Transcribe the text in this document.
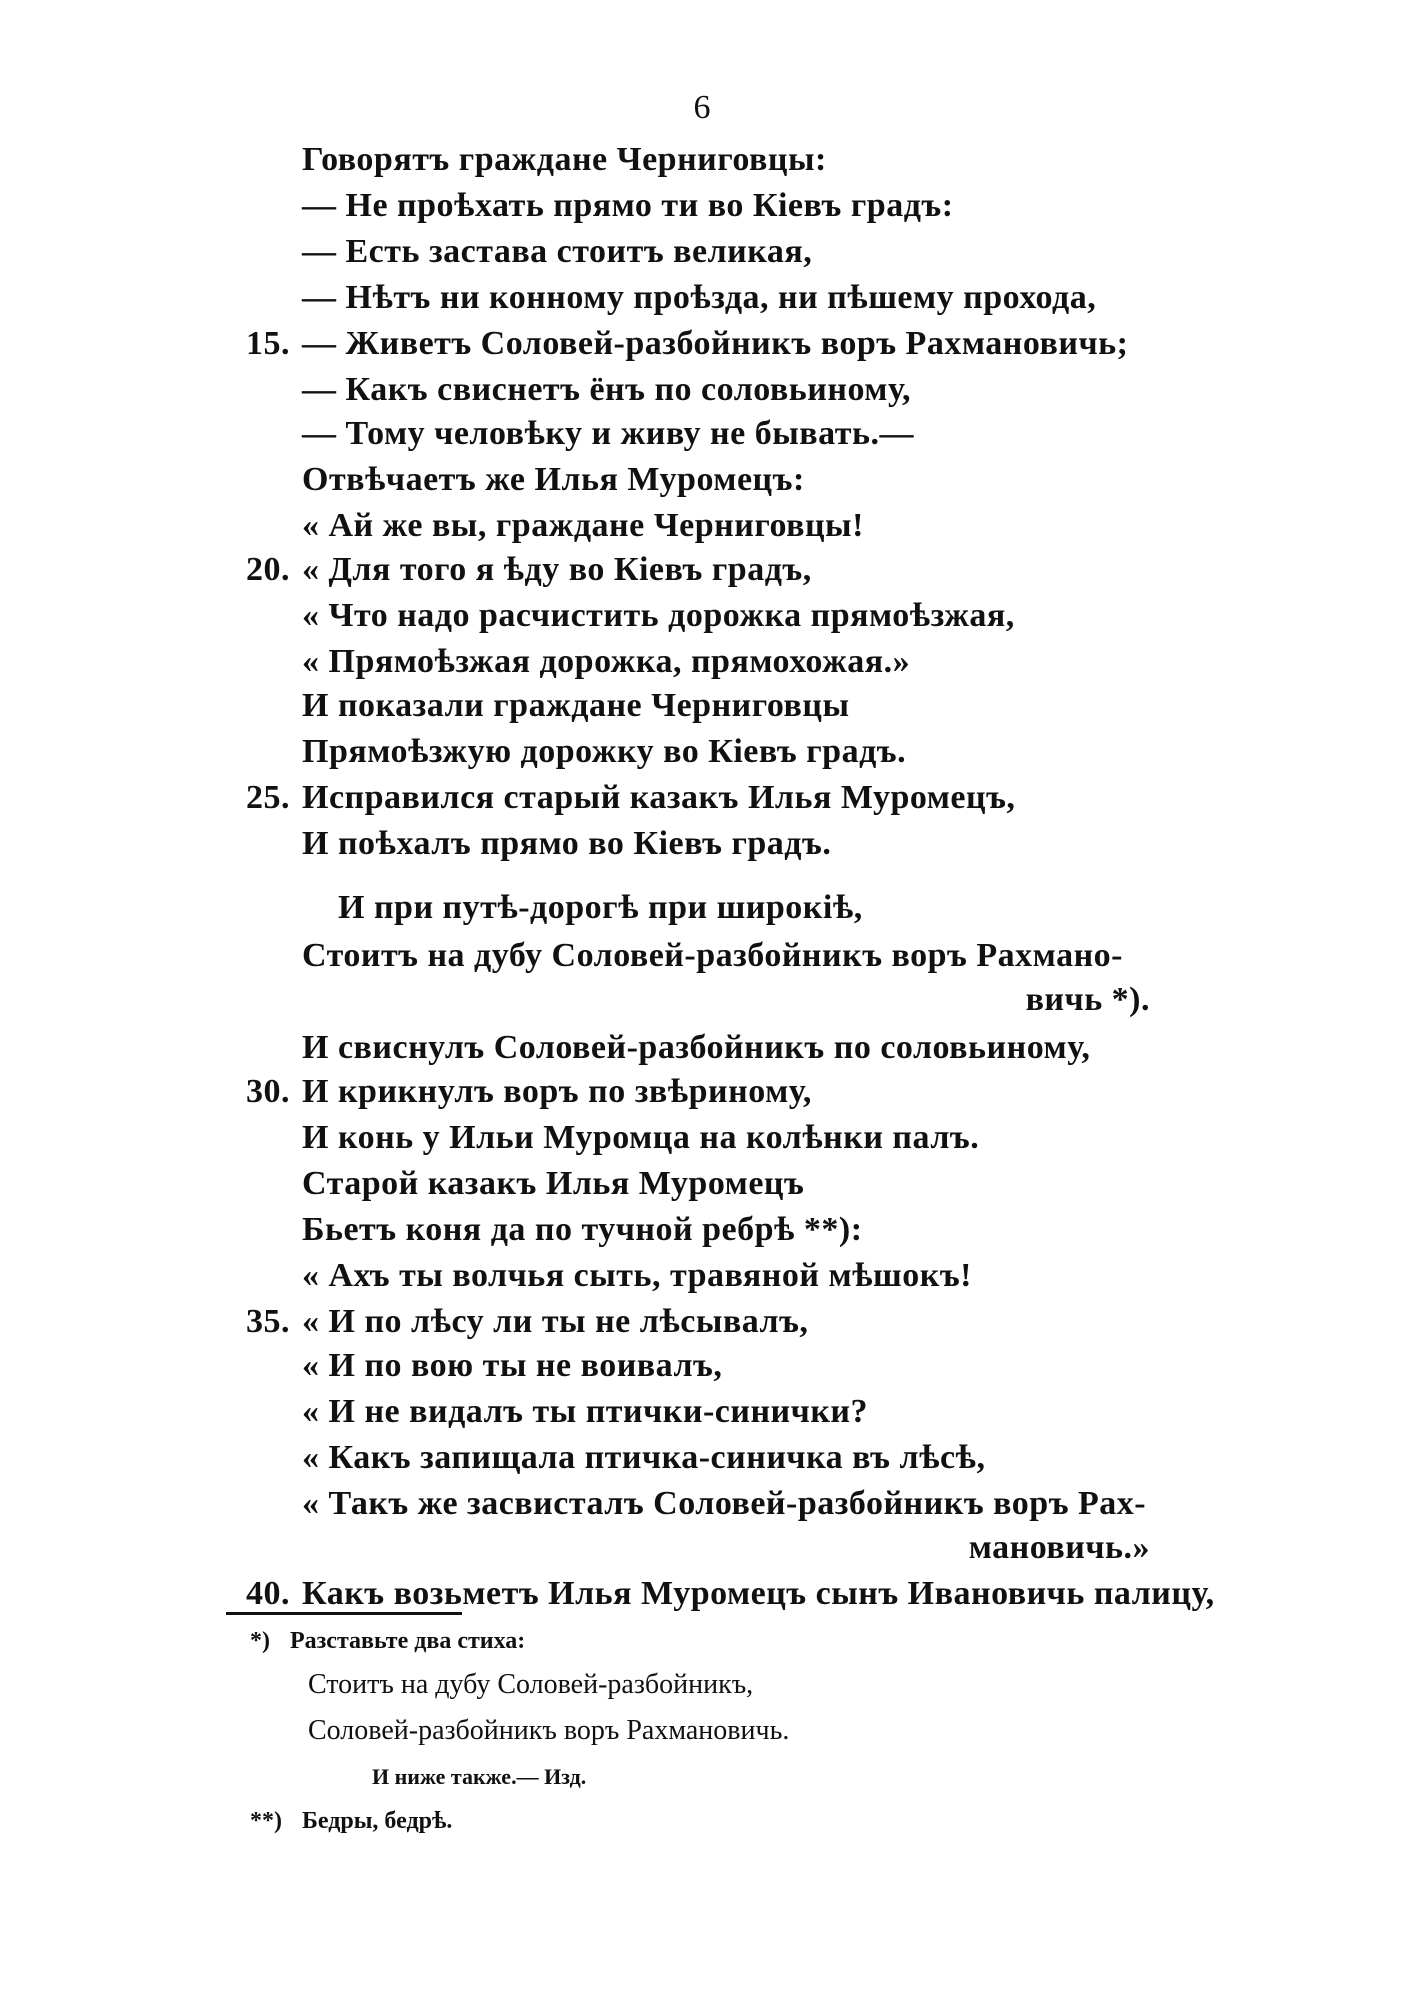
6
Говорятъ граждане Черниговцы:
— Не проѣхать прямо ти во Кіевъ градъ:
— Есть застава стоитъ великая,
— Нѣтъ ни конному проѣзда, ни пѣшему прохода,
15. — Живетъ Соловей-разбойникъ воръ Рахмановичь;
— Какъ свиснетъ ёнъ по соловьиному,
— Тому человѣку и живу не бывать.—
Отвѣчаетъ же Илья Муромецъ:
« Ай же вы, граждане Черниговцы!
20. « Для того я ѣду во Кіевъ градъ,
« Что надо расчистить дорожка прямоѣзжая,
« Прямоѣзжая дорожка, прямохожая.»
И показали граждане Черниговцы
Прямоѣзжую дорожку во Кіевъ градъ.
25. Исправился старый казакъ Илья Муромецъ,
И поѣхалъ прямо во Кіевъ градъ.
И при путѣ-дорогѣ при широкіѣ,
Стоитъ на дубу Соловей-разбойникъ воръ Рахмано-
вичь *).
И свиснулъ Соловей-разбойникъ по соловьиному,
30. И крикнулъ воръ по звѣриному,
И конь у Ильи Муромца на колѣнки палъ.
Старой казакъ Илья Муромецъ
Бьетъ коня да по тучной ребрѣ **):
« Ахъ ты волчья сыть, травяной мѣшокъ!
35. « И по лѣсу ли ты не лѣсывалъ,
« И по вою ты не воивалъ,
« И не видалъ ты птички-синички?
« Какъ запищала птичка-синичка въ лѣсѣ,
« Такъ же засвисталъ Соловей-разбойникъ воръ Рах-
мановичь.»
40. Какъ возьметъ Илья Муромецъ сынъ Ивановичь палицу,
*) Разставьте два стиха:
Стоитъ на дубу Соловей-разбойникъ,
Соловей-разбойникъ воръ Рахмановичь.
И ниже также.— Изд.
**) Бедры, бедрѣ.
